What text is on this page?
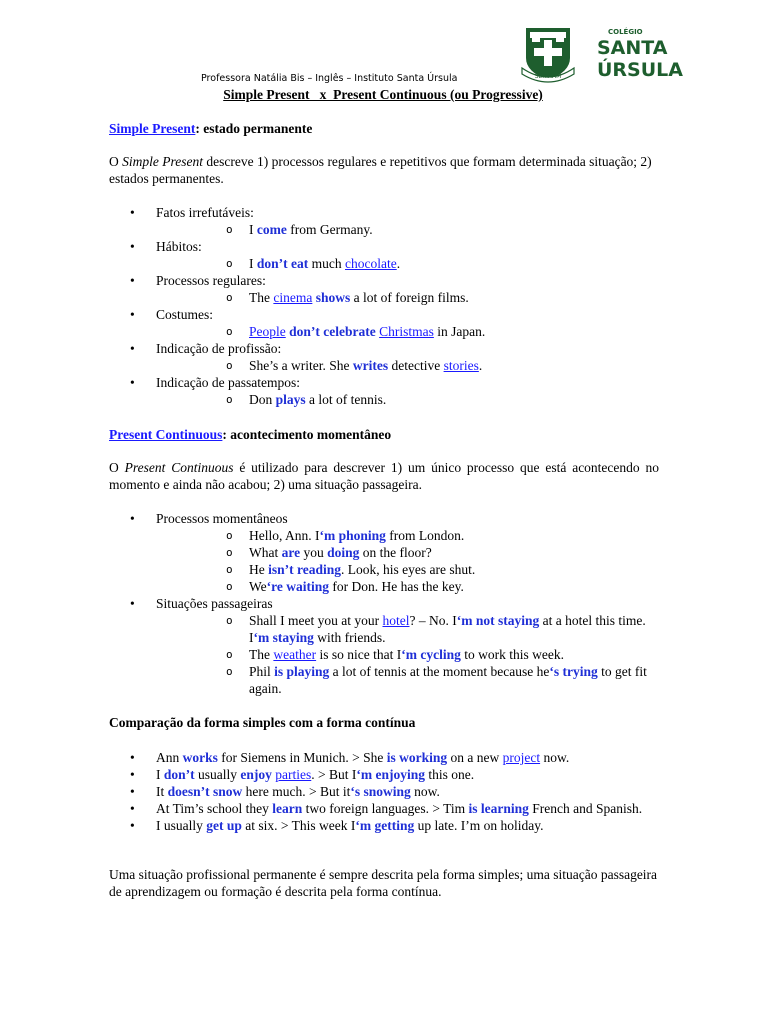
SERVIAM
COLÉGIO
SANTA
ÚRSULA
Professora Natália Bis – Inglês – Instituto Santa Úrsula
Simple Present   x  Present Continuous (ou Progressive)
Simple Present: estado permanente
O Simple Present descreve 1) processos regulares e repetitivos que formam determinada situação; 2) estados permanentes.
• Fatos irrefutáveis:
o I come from Germany.
• Hábitos:
o I don’t eat much chocolate.
• Processos regulares:
o The cinema shows a lot of foreign films.
• Costumes:
o People don’t celebrate Christmas in Japan.
• Indicação de profissão:
o She’s a writer. She writes detective stories.
• Indicação de passatempos:
o Don plays a lot of tennis.
Present Continuous: acontecimento momentâneo
O Present Continuous é utilizado para descrever 1) um único processo que está acontecendo no momento e ainda não acabou; 2) uma situação passageira.
• Processos momentâneos
o Hello, Ann. I‘m phoning from London.
o What are you doing on the floor?
o He isn’t reading. Look, his eyes are shut.
o We‘re waiting for Don. He has the key.
• Situações passageiras
o Shall I meet you at your hotel? – No. I‘m not staying at a hotel this time. I‘m staying with friends.
o The weather is so nice that I‘m cycling to work this week.
o Phil is playing a lot of tennis at the moment because he‘s trying to get fit again.
Comparação da forma simples com a forma contínua
• Ann works for Siemens in Munich. > She is working on a new project now.
• I don’t usually enjoy parties. > But I‘m enjoying this one.
• It doesn’t snow here much. > But it‘s snowing now.
• At Tim’s school they learn two foreign languages. > Tim is learning French and Spanish.
• I usually get up at six. > This week I‘m getting up late. I’m on holiday.
Uma situação profissional permanente é sempre descrita pela forma simples; uma situação passageira de aprendizagem ou formação é descrita pela forma contínua.
